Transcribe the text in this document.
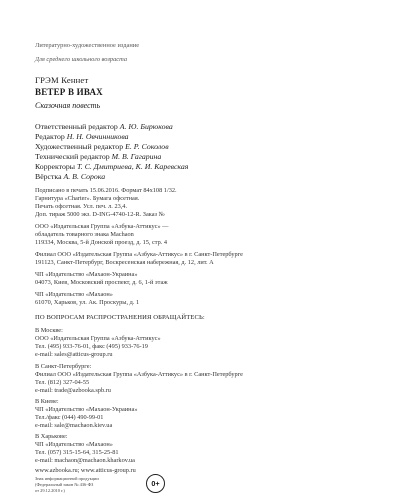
Литературно-художественное издание
Для среднего школьного возраста
ГРЭМ Кеннет
ВЕТЕР В ИВАХ
Сказочная повесть
Ответственный редактор А. Ю. Бирюкова
Редактор Н. Н. Овчинникова
Художественный редактор Е. Р. Соколов
Технический редактор М. В. Гагарина
Корректоры Т. С. Дмитриева, К. И. Каревская
Вёрстка А. В. Сорока
Подписано в печать 15.06.2016. Формат 84x108 1/32.
Гарнитура «Charter». Бумага офсетная.
Печать офсетная. Усл. печ. л. 23,4.
Доп. тираж 5000 экз. D-ING-4740-12-R. Заказ №
ООО «Издательская Группа «Азбука-Аттикус» —
обладатель товарного знака Machaon
119334, Москва, 5-й Донской проезд, д. 15, стр. 4
Филиал ООО «Издательская Группа «Азбука-Аттикус» в г. Санкт-Петербурге
191123, Санкт-Петербург, Воскресенская набережная, д. 12, лит. А
ЧП «Издательство «Махаон-Украина»
04073, Киев, Московский проспект, д. 6, 1-й этаж
ЧП «Издательство «Махаон»
61070, Харьков, ул. Ак. Проскуры, д. 1
ПО ВОПРОСАМ РАСПРОСТРАНЕНИЯ ОБРАЩАЙТЕСЬ:
В Москве:
ООО «Издательская Группа «Азбука-Аттикус»
Тел. (495) 933-76-01, факс (495) 933-76-19
e-mail: sales@atticus-group.ru
В Санкт-Петербурге:
Филиал ООО «Издательская Группа «Азбука-Аттикус» в г. Санкт-Петербурге
Тел. (812) 327-04-55
e-mail: trade@azbooka.spb.ru
В Киеве:
ЧП «Издательство «Махаон-Украина»
Тел./факс (044) 490-99-01
e-mail: sale@machaon.kiev.ua
В Харькове:
ЧП «Издательство «Махаон»
Тел. (057) 315-15-64, 315-25-81
e-mail: machaon@machaon.kharkov.ua
www.azbooka.ru; www.atticus-group.ru
Знак информационной продукции
(Федеральный закон № 436-ФЗ
от 29.12.2010 г.)
0+
